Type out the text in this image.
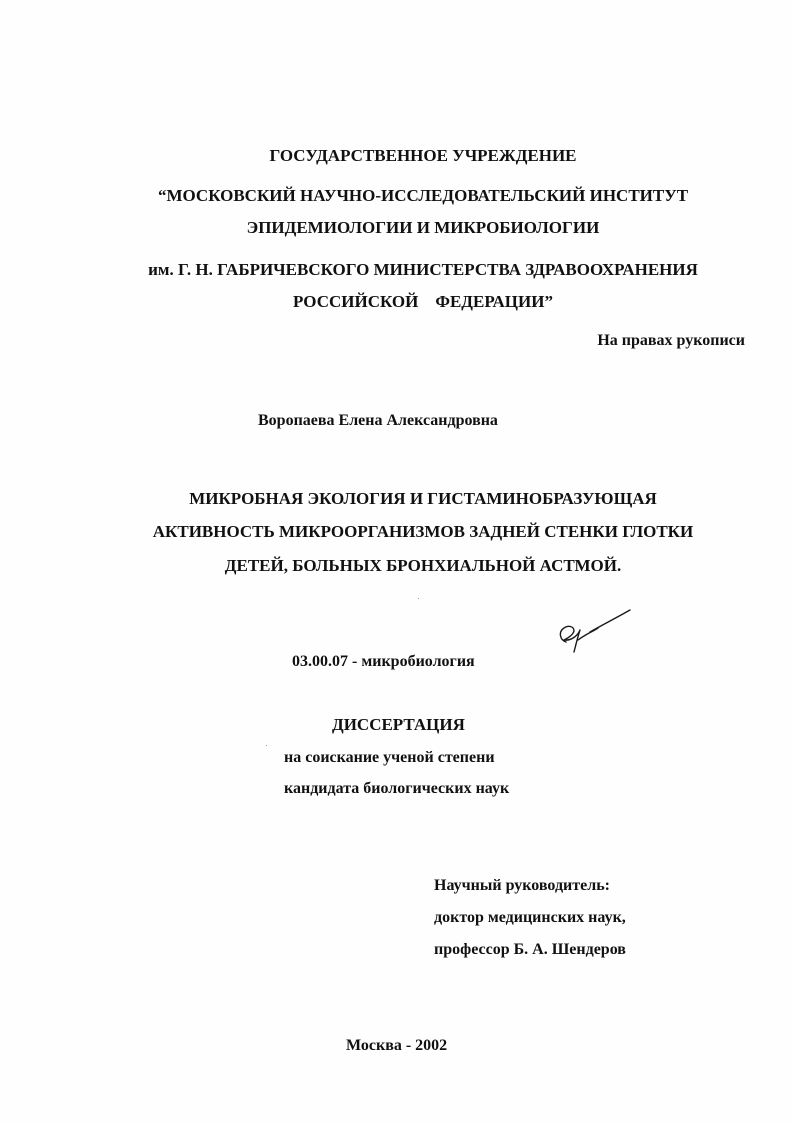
ГОСУДАРСТВЕННОЕ УЧРЕЖДЕНИЕ
“МОСКОВСКИЙ НАУЧНО-ИССЛЕДОВАТЕЛЬСКИЙ ИНСТИТУТ
ЭПИДЕМИОЛОГИИ И МИКРОБИОЛОГИИ
им. Г. Н. ГАБРИЧЕВСКОГО МИНИСТЕРСТВА ЗДРАВООХРАНЕНИЯ
РОССИЙСКОЙ    ФЕДЕРАЦИИ”
На правах рукописи
Воропаева Елена Александровна
МИКРОБНАЯ ЭКОЛОГИЯ И ГИСТАМИНОБРАЗУЮЩАЯ
АКТИВНОСТЬ МИКРООРГАНИЗМОВ ЗАДНЕЙ СТЕНКИ ГЛОТКИ
ДЕТЕЙ, БОЛЬНЫХ БРОНХИАЛЬНОЙ АСТМОЙ.
03.00.07 - микробиология
ДИССЕРТАЦИЯ
на соискание ученой степени
кандидата биологических наук
Научный руководитель:
доктор медицинских наук,
профессор Б. А. Шендеров
Москва - 2002
